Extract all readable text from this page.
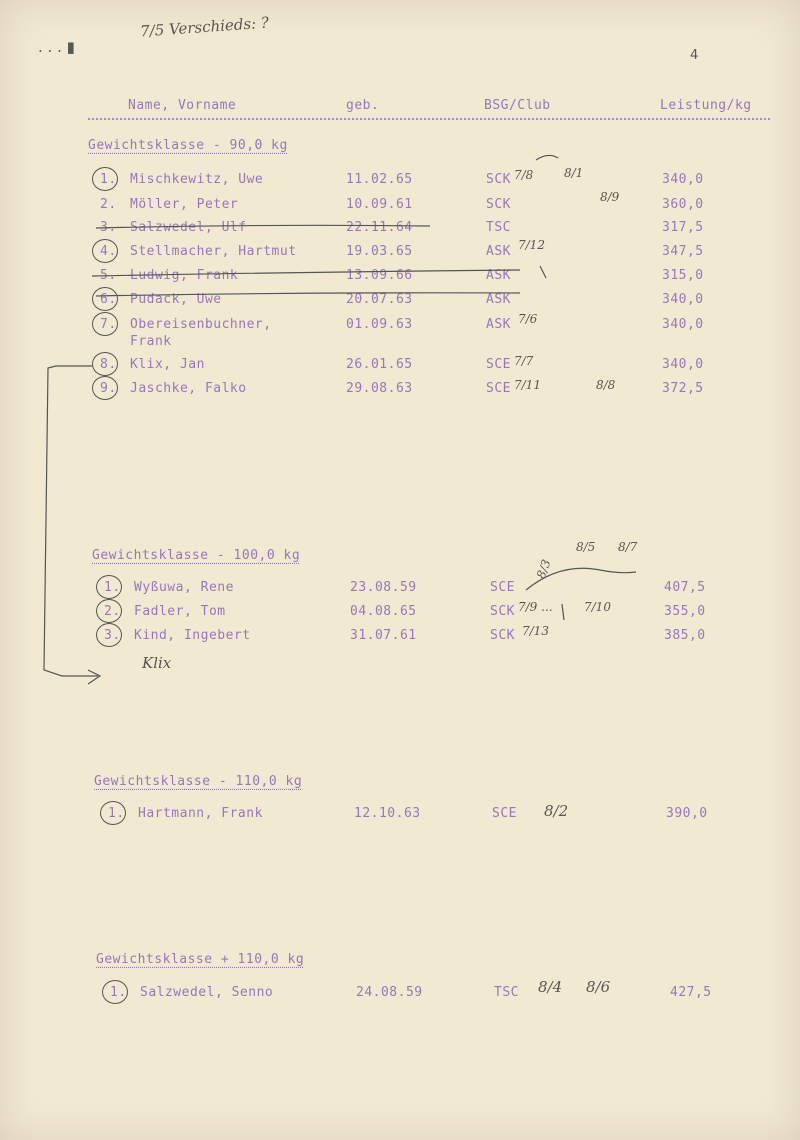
7/5 Verschieds: ?
. . . ▮	4
Name, Vorname	geb.	BSG/Club	Leistung/kg
Gewichtsklasse - 90,0 kg
1. Mischkewitz, Uwe	11.02.65	SCK 7/8	340,0
2. Möller, Peter	10.09.61	SCK	360,0
3. Salzwedel, Ulf	22.11.64	TSC	317,5
4. Stellmacher, Hartmut	19.03.65	ASK 7/12	347,5
5. Ludwig, Frank	13.09.66	ASK	315,0
6. Pudack, Uwe	20.07.63	ASK	340,0
7. Obereisenbuchner,
Frank
01.09.63	ASK 7/6	340,0
8. Klix, Jan	26.01.65	SCE 7/7	340,0
9. Jaschke, Falko	29.08.63	SCE 7/11	372,5
8/1
8/9
8/8
Gewichtsklasse - 100,0 kg
1. Wyßuwa, Rene	23.08.59	SCE	407,5
2. Fadler, Tom	04.08.65	SCK 7/9 ...	355,0
3. Kind, Ingebert	31.07.61	SCK 7/13	385,0
8/3
8/5 8/7
7/10
Klix
Gewichtsklasse - 110,0 kg
1. Hartmann, Frank	12.10.63	SCE 8/2	390,0
Gewichtsklasse + 110,0 kg
1. Salzwedel, Senno	24.08.59	TSC 8/4	427,5
8/6
